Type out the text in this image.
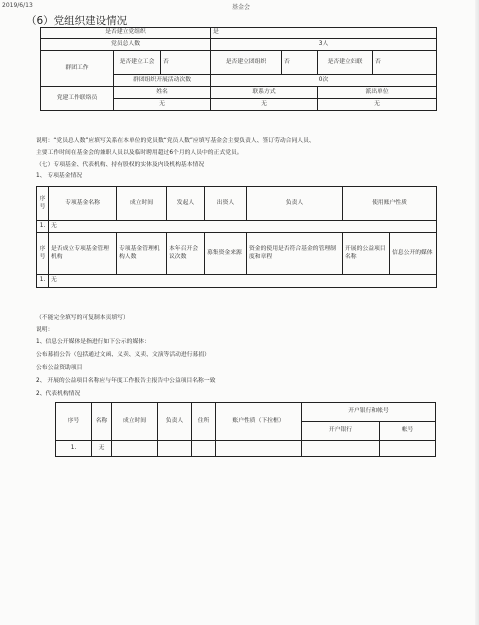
2019/6/13	基金会
（6）党组织建设情况
是否建立党组织			是			
党员总人数			3人			
群团工作	是否建立工会	否	是否建立团组织	否	是否建立妇联	否
	群团组织开展活动次数		0次			
党建工作联络员	姓名		联系方式		派出单位	
	无		无		无	
说明：“党员总人数”应填写关系在本单位的党员数“党员人数”应填写基金会主要负责人、签订劳动合同人员、
主要工作时间在基金会的兼职人员以及临时聘用超过6个月的人员中的正式党员。
（七）专项基金、代表机构、持有股权的实体及内设机构基本情况
1、 专项基金情况
序号	专项基金名称	成立时间	发起人	出资人	负责人	使用账户性质	
1.	无						
序号	是否成立专项基金管理机构	专项基金管理机构人数	本年召开会议次数	募集资金来源	资金的使用是否符合基金的管理制度和章程	开展的公益项目名称	信息公开的媒体
1.	无						
（不能完全填写的可复制本页填写）
说明：
1、信息公开媒体是指进行如下公示的媒体：
公布募捐公告（包括通过文函、义卖、义卖、文演等活动进行募捐）
公布公益资助项目
2、 开展的公益项目名称应与年度工作报告主报告中公益项目名称一致
2、代表机构情况
序号	名称	成立时间	负责人	住所	账户性质（下拉框）	开户银行和帐号	
						开户银行	帐号
1.	无						
